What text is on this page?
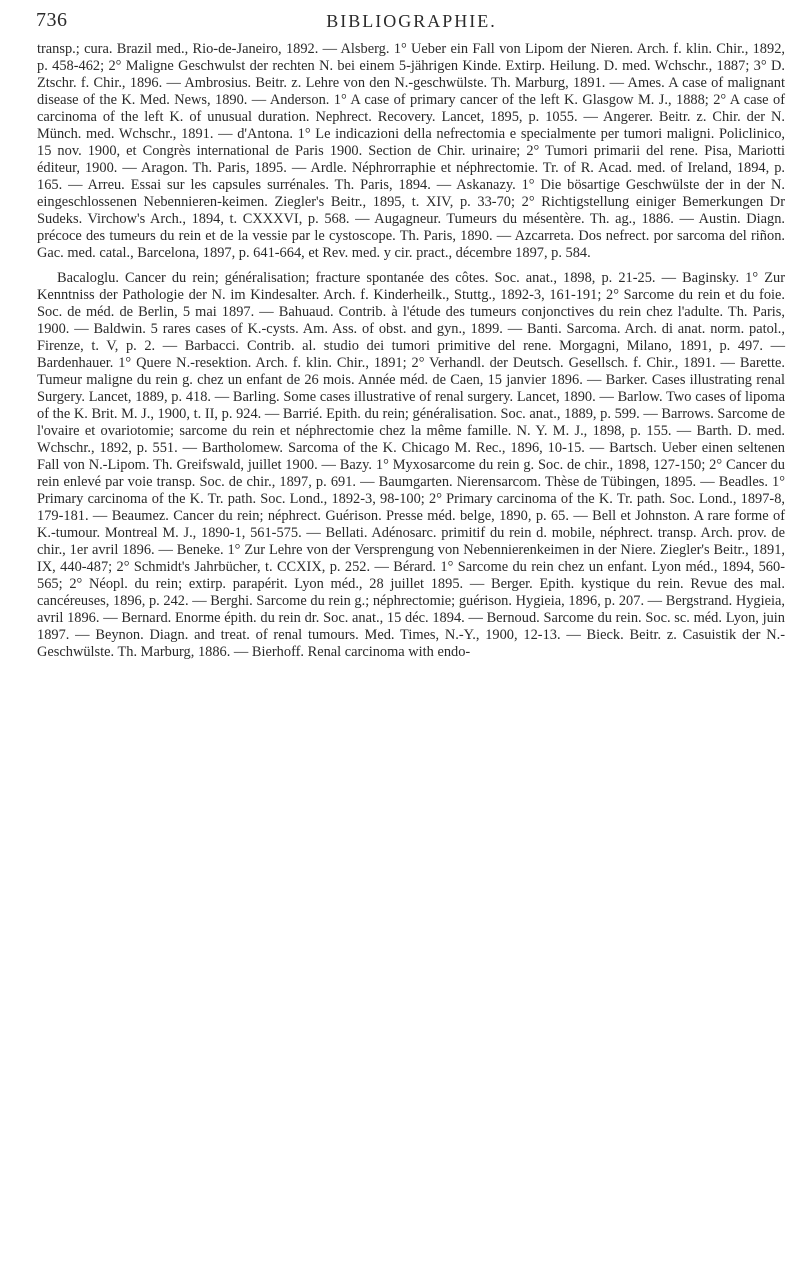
736	BIBLIOGRAPHIE.

transp.; cura. Brazil med., Rio-de-Janeiro, 1892. — Alsberg. 1° Ueber ein Fall von Lipom der Nieren. Arch. f. klin. Chir., 1892, p. 458-462; 2° Maligne Geschwulst der rechten N. bei einem 5-jährigen Kinde. Extirp. Heilung. D. med. Wchschr., 1887; 3° D. Ztschr. f. Chir., 1896. — Ambrosius. Beitr. z. Lehre von den N.-geschwülste. Th. Marburg, 1891. — Ames. A case of malignant disease of the K. Med. News, 1890. — Anderson. 1° A case of primary cancer of the left K. Glasgow M. J., 1888; 2° A case of carcinoma of the left K. of unusual duration. Nephrect. Recovery. Lancet, 1895, p. 1055. — Angerer. Beitr. z. Chir. der N. Münch. med. Wchschr., 1891. — d'Antona. 1° Le indicazioni della nefrectomia e specialmente per tumori maligni. Policlinico, 15 nov. 1900, et Congrès international de Paris 1900. Section de Chir. urinaire; 2° Tumori primarii del rene. Pisa, Mariotti éditeur, 1900. — Aragon. Th. Paris, 1895. — Ardle. Néphrorraphie et néphrectomie. Tr. of R. Acad. med. of Ireland, 1894, p. 165. — Arreu. Essai sur les capsules surrénales. Th. Paris, 1894. — Askanazy. 1° Die bösartige Geschwülste der in der N. eingeschlossenen Nebennieren-keimen. Ziegler's Beitr., 1895, t. XIV, p. 33-70; 2° Richtigstellung einiger Bemerkungen Dr Sudeks. Virchow's Arch., 1894, t. CXXXVI, p. 568. — Augagneur. Tumeurs du mésentère. Th. ag., 1886. — Austin. Diagn. précoce des tumeurs du rein et de la vessie par le cystoscope. Th. Paris, 1890. — Azcarreta. Dos nefrect. por sarcoma del riñon. Gac. med. catal., Barcelona, 1897, p. 641-664, et Rev. med. y cir. pract., décembre 1897, p. 584.

Bacaloglu. Cancer du rein; généralisation; fracture spontanée des côtes. Soc. anat., 1898, p. 21-25. — Baginsky. 1° Zur Kenntniss der Pathologie der N. im Kindesalter. Arch. f. Kinderheilk., Stuttg., 1892-3, 161-191; 2° Sarcome du rein et du foie. Soc. de méd. de Berlin, 5 mai 1897. — Bahuaud. Contrib. à l'étude des tumeurs conjonctives du rein chez l'adulte. Th. Paris, 1900. — Baldwin. 5 rares cases of K.-cysts. Am. Ass. of obst. and gyn., 1899. — Banti. Sarcoma. Arch. di anat. norm. patol., Firenze, t. V, p. 2. — Barbacci. Contrib. al. studio dei tumori primitive del rene. Morgagni, Milano, 1891, p. 497. — Bardenhauer. 1° Quere N.-resektion. Arch. f. klin. Chir., 1891; 2° Verhandl. der Deutsch. Gesellsch. f. Chir., 1891. — Barette. Tumeur maligne du rein g. chez un enfant de 26 mois. Année méd. de Caen, 15 janvier 1896. — Barker. Cases illustrating renal Surgery. Lancet, 1889, p. 418. — Barling. Some cases illustrative of renal surgery. Lancet, 1890. — Barlow. Two cases of lipoma of the K. Brit. M. J., 1900, t. II, p. 924. — Barrié. Epith. du rein; généralisation. Soc. anat., 1889, p. 599. — Barrows. Sarcome de l'ovaire et ovariotomie; sarcome du rein et néphrectomie chez la même famille. N. Y. M. J., 1898, p. 155. — Barth. D. med. Wchschr., 1892, p. 551. — Bartholomew. Sarcoma of the K. Chicago M. Rec., 1896, 10-15. — Bartsch. Ueber einen seltenen Fall von N.-Lipom. Th. Greifswald, juillet 1900. — Bazy. 1° Myxosarcome du rein g. Soc. de chir., 1898, 127-150; 2° Cancer du rein enlevé par voie transp. Soc. de chir., 1897, p. 691. — Baumgarten. Nierensarcom. Thèse de Tübingen, 1895. — Beadles. 1° Primary carcinoma of the K. Tr. path. Soc. Lond., 1892-3, 98-100; 2° Primary carcinoma of the K. Tr. path. Soc. Lond., 1897-8, 179-181. — Beaumez. Cancer du rein; néphrect. Guérison. Presse méd. belge, 1890, p. 65. — Bell et Johnston. A rare forme of K.-tumour. Montreal M. J., 1890-1, 561-575. — Bellati. Adénosarc. primitif du rein d. mobile, néphrect. transp. Arch. prov. de chir., 1er avril 1896. — Beneke. 1° Zur Lehre von der Versprengung von Nebennierenkeimen in der Niere. Ziegler's Beitr., 1891, IX, 440-487; 2° Schmidt's Jahrbücher, t. CCXIX, p. 252. — Bérard. 1° Sarcome du rein chez un enfant. Lyon méd., 1894, 560-565; 2° Néopl. du rein; extirp. parapérit. Lyon méd., 28 juillet 1895. — Berger. Epith. kystique du rein. Revue des mal. cancéreuses, 1896, p. 242. — Berghi. Sarcome du rein g.; néphrectomie; guérison. Hygieia, 1896, p. 207. — Bergstrand. Hygieia, avril 1896. — Bernard. Enorme épith. du rein dr. Soc. anat., 15 déc. 1894. — Bernoud. Sarcome du rein. Soc. sc. méd. Lyon, juin 1897. — Beynon. Diagn. and treat. of renal tumours. Med. Times, N.-Y., 1900, 12-13. — Bieck. Beitr. z. Casuistik der N.-Geschwülste. Th. Marburg, 1886. — Bierhoff. Renal carcinoma with endo-
